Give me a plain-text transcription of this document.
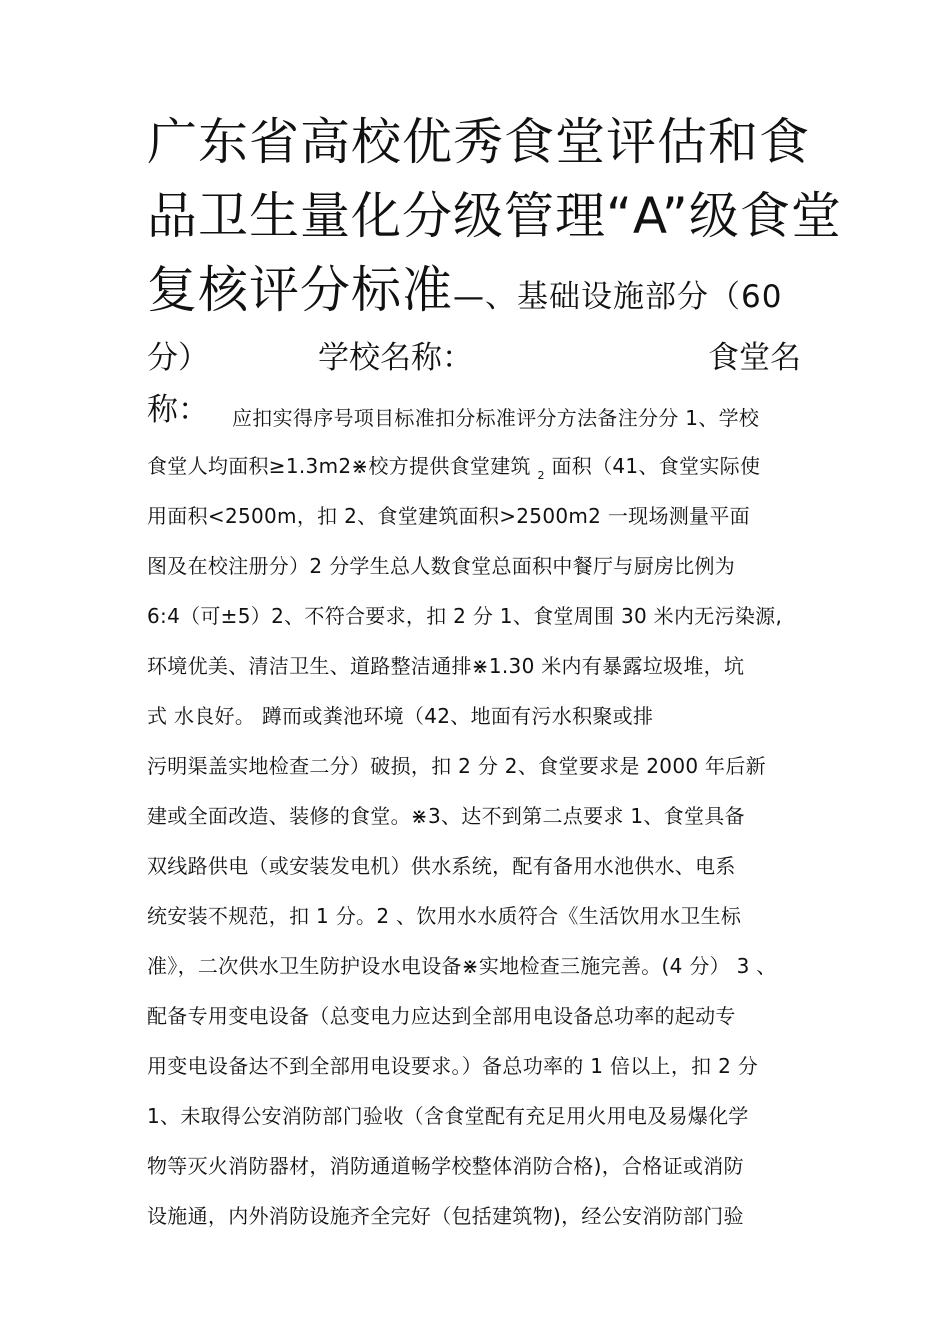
广东省高校优秀食堂评估和食
品卫生量化分级管理“A”级食堂
复核评分标准—、基础设施部分（60
分）	学校名称：	食堂名
称： 应扣实得序号项目标准扣分标准评分方法备注分分 1、学校
食堂人均面积≥1.3m2⋇校方提供食堂建筑 $_2$ 面积（41、食堂实际使
用面积<2500m，扣 2、食堂建筑面积>2500m2 一现场测量平面
图及在校注册分）2 分学生总人数食堂总面积中餐厅与厨房比例为
6:4（可±5）2、不符合要求，扣 2 分 1、食堂周围 30 米内无污染源,
环境优美、清洁卫生、道路整洁通排⋇1.30 米内有暴露垃圾堆，坑
式 水良好。 蹲而或粪池环境（42、地面有污水积聚或排
污明渠盖实地检查二分）破损，扣 2 分 2、食堂要求是 2000 年后新
建或全面改造、装修的食堂。⋇3、达不到第二点要求 1、食堂具备
双线路供电（或安装发电机）供水系统，配有备用水池供水、电系
统安装不规范，扣 1 分。2 、饮用水水质符合《生活饮用水卫生标
准》，二次供水卫生防护设水电设备⋇实地检查三施完善。(4 分） 3 、
配备专用变电设备（总变电力应达到全部用电设备总功率的起动专
用变电设备达不到全部用电设要求。）备总功率的 1 倍以上，扣 2 分
1、未取得公安消防部门验收（含食堂配有充足用火用电及易爆化学
物等灭火消防器材，消防通道畅学校整体消防合格)，合格证或消防
设施通，内外消防设施齐全完好（包括建筑物)，经公安消防部门验
